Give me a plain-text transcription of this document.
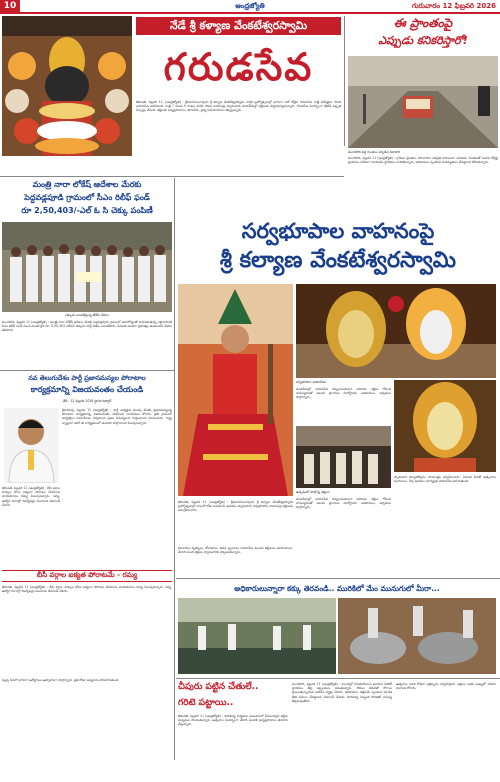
10	ఆంధ్రజ్యోతి	గురువారం 12 ఫిబ్రవరి 2026
నేడే శ్రీ కళ్యాణ వేంకటేశ్వరస్వామి
గరుడసేవ
తిరుపతి, ఫిబ్రవరి 11, (ఆంధ్రజ్యోతి) : శ్రీనివాసమంగాపురం శ్రీ కల్యాణ వేంకటేశ్వరస్వామి వార్షిక బ్రహ్మోత్సవాల్లో భాగంగా ఐదో రోజైన గురువారం రాత్రి విశేషమైన గరుడ వాహనసేవ జరగనుంది. రాత్రి 7 నుంచి 9 గంటల వరకు గరుడ వాహనంపై స్వామివారు మాడవీధుల్లో భక్తులకు దర్శనమివ్వనున్నారు. గరుడసేవ సందర్భంగా టీటీడీ విస్తృత ఏర్పాట్లు చేసింది. భక్తులకు అన్నప్రసాదాలు, తాగునీరు, వైద్య సదుపాయాలు కల్పిస్తున్నారు.
ఈ ప్రాంతంపై
ఎప్పుడు కనికరిస్తారో!
మంగళగిరి వద్ద గుంతలు ఏర్పడిన రహదారి
మంగళగిరి, ఫిబ్రవరి 11 (ఆంధ్రజ్యోతి) : గ్రామీణ ప్రాంతాల రహదారుల పరిస్థితి దారుణంగా మారింది. గుంతలతో నిండిన రోడ్లపై ప్రయాణం నరకంగా మారిందని స్థానికులు వాపోతున్నారు. అధికారులు స్పందించి మరమ్మతులు చేపట్టాలని కోరుతున్నారు.
మంత్రి నారా లోకేష్ ఆదేశాల మేరకు
పెద్దవడ్లపూడి గ్రామంలో సీఎం రిలీఫ్ ఫండ్
రూ 2,50,403/-ఎల్ ఓ సి చెక్కు పంపిణీ
చెక్కును అందజేస్తున్న టీడీపీ నేతలు
మంగళగిరి, ఫిబ్రవరి 11 (ఆంధ్రజ్యోతి) : మంత్రి నారా లోకేష్ ఆదేశాల మేరకు పెద్దవడ్లపూడి గ్రామంలో అనారోగ్యంతో బాధపడుతున్న లబ్ధిదారునికి సీఎం రిలీఫ్ ఫండ్ నుంచి మంజూరైన రూ. 2,50,403 ఎల్ఓసీ చెక్కును పార్టీ నేతలు అందజేశారు. పేదలకు అండగా ప్రభుత్వం ఉంటుందని నేతలు తెలిపారు.
సర్వభూపాల వాహనంపై
శ్రీ కల్యాణ వేంకటేశ్వరస్వామి
తిరుపతి, ఫిబ్రవరి 11 (ఆంధ్రజ్యోతి) : శ్రీనివాసమంగాపురం శ్రీ కల్యాణ వేంకటేశ్వరస్వామి బ్రహ్మోత్సవాల్లో నాలుగో రోజు బుధవారం ఉదయం స్వామివారు సర్వభూపాల వాహనంపై భక్తులను అనుగ్రహించారు.
కళాకారుల నృత్యాలు, కోలాటాలు, భజన బృందాలు వాహనసేవ ముందు భక్తులను అలరించాయి. వేలాది మంది భక్తులు స్వామివారిని దర్శించుకున్నారు.
సర్వభూపాల వాహనసేవ
మాడవీధుల్లో వాహనసేవ కన్నులపండువగా జరిగింది. భక్తుల గోవింద నామస్మరణతో ఆలయ ప్రాంగణం మార్మోగింది. అధికారులు, అర్చకులు పాల్గొన్నారు.
ఉత్సవంలో పాల్గొన్న భక్తులు
స్వామివారి కల్యాణోత్సవం సాయంత్రం నిర్వహించారు. ఏకాంత సేవతో ఉత్సవాలు ముగిశాయి. రేపు ఉదయం సూర్యప్రభ వాహనసేవ జరుగుతుంది.
మాడవీధుల్లో వాహనసేవ కన్నులపండువగా జరిగింది. భక్తుల గోవింద నామస్మరణతో ఆలయ ప్రాంగణం మార్మోగింది. అధికారులు, అర్చకులు పాల్గొన్నారు.
నవ తెలుగుదేశం పార్టీ ప్రజాసమస్యల పోరాటాల
కార్యక్రమాన్ని విజయవంతం చేయండి
తేదీ : 12 ఫిబ్రవరి 2026 స్థానిక రిపోర్టర్
శ్రీకాళహస్తి, ఫిబ్రవరి 11 (ఆంధ్రజ్యోతి) : పార్టీ అధ్యక్షుని పిలుపు మేరకు ప్రజాసమస్యలపై పోరాటాల కార్యక్రమాన్ని విజయవంతం చేయాలని నాయకులు కోరారు. ప్రతి గ్రామంలో కార్యకర్తలు సమావేశాలు నిర్వహించి ప్రజల సమస్యలను గుర్తించాలని సూచించారు. రాష్ట్ర వ్యాప్తంగా జరిగే ఈ కార్యక్రమంలో అందరూ పాల్గొనాలని పిలుపునిచ్చారు.
తిరుపతి, ఫిబ్రవరి 11 (ఆంధ్రజ్యోతి) : బీసీ వర్గాల హక్కుల కోసం ఐక్యంగా పోరాటం చేయాలని నాయకురాలు రమ్య పిలుపునిచ్చారు. విద్య, ఉద్యోగ రంగాల్లో రిజర్వేషన్లు పెంచాలని డిమాండ్ చేశారు.
బీసీ వర్గాల ఐక్యత పోరాటమే - రమ్య
తిరుపతి, ఫిబ్రవరి 11 (ఆంధ్రజ్యోతి) : బీసీ వర్గాల హక్కుల కోసం ఐక్యంగా పోరాటం చేయాలని నాయకురాలు రమ్య పిలుపునిచ్చారు. విద్య, ఉద్యోగ రంగాల్లో రిజర్వేషన్లు పెంచాలని డిమాండ్ చేశారు.	అధికారులున్నారా కక్కు తెరవండి.. మురికిలో మేం మునుగులో మీరా...
చీపురు పట్టిన చేతులే..
గరిటె పట్టాయి..
తిరుపతి, ఫిబ్రవరి 11 (ఆంధ్రజ్యోతి) : పారిశుధ్య కార్మికులు వంటశాలలో సేవలందిస్తూ భక్తుల మన్ననలు పొందుతున్నారు. ఉత్సవాల సందర్భంగా వేలాది మందికి అన్నప్రసాదాలు తయారు చేస్తున్నారు.
మంగళగిరి, ఫిబ్రవరి 11 (ఆంధ్రజ్యోతి) : కాలువల్లో పేరుకుపోయిన మురుగు నీటితో స్థానికులు తీవ్ర ఇబ్బందులు పడుతున్నారు. దోమల బెడదతో రోగాలు ప్రబలుతున్నాయని ఆవేదన వ్యక్తం చేశారు. అధికారులు తక్షణమే స్పందించి పూడిక తీత పనులు చేపట్టాలని డిమాండ్ చేశారు. పారిశుధ్య సిబ్బంది కొరతతో సమస్య తీవ్రమవుతోంది.
ఉత్సవాల చివరి రోజున చక్రస్నానం నిర్వహిస్తారు. భక్తులు అధిక సంఖ్యలో హాజరు కావాలని కోరారు.
స్వచ్ఛ సేవలో భాగంగా ఉద్యోగులు ఉత్సాహంగా పాల్గొన్నారు. ప్రతి రోజూ అన్నదానం కొనసాగుతుంది.
